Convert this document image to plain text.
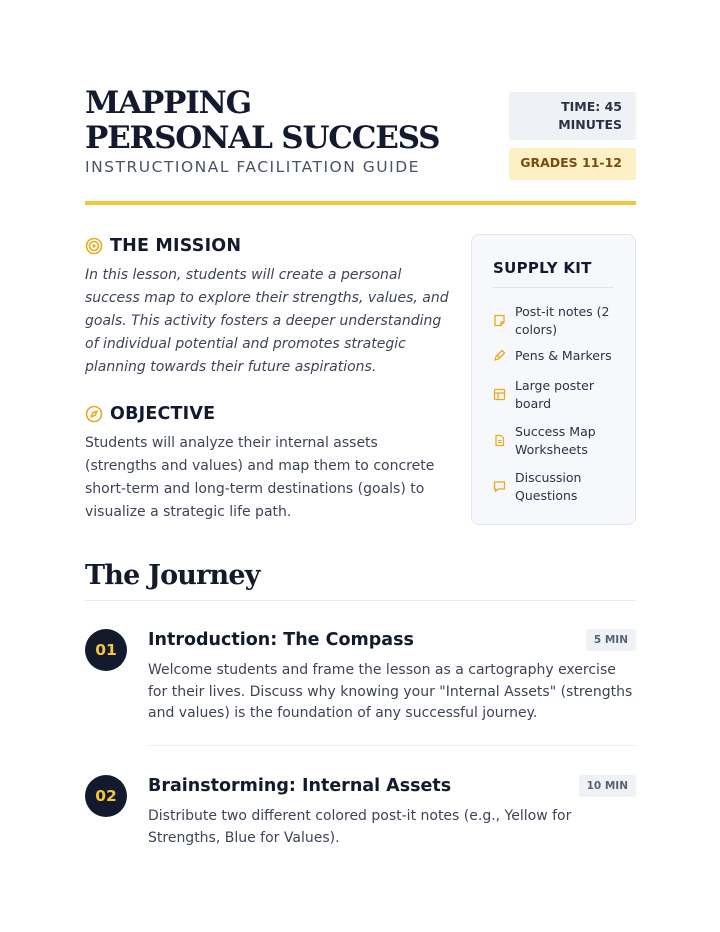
MAPPING PERSONAL SUCCESS
INSTRUCTIONAL FACILITATION GUIDE
TIME: 45 MINUTES
GRADES 11-12
THE MISSION
In this lesson, students will create a personal success map to explore their strengths, values, and goals. This activity fosters a deeper understanding of individual potential and promotes strategic planning towards their future aspirations.
OBJECTIVE
Students will analyze their internal assets (strengths and values) and map them to concrete short-term and long-term destinations (goals) to visualize a strategic life path.
SUPPLY KIT
Post-it notes (2 colors)
Pens & Markers
Large poster board
Success Map Worksheets
Discussion Questions
The Journey
01	Introduction: The Compass	5 MIN
Welcome students and frame the lesson as a cartography exercise for their lives. Discuss why knowing your "Internal Assets" (strengths and values) is the foundation of any successful journey.
02	Brainstorming: Internal Assets	10 MIN
Distribute two different colored post-it notes (e.g., Yellow for Strengths, Blue for Values).
